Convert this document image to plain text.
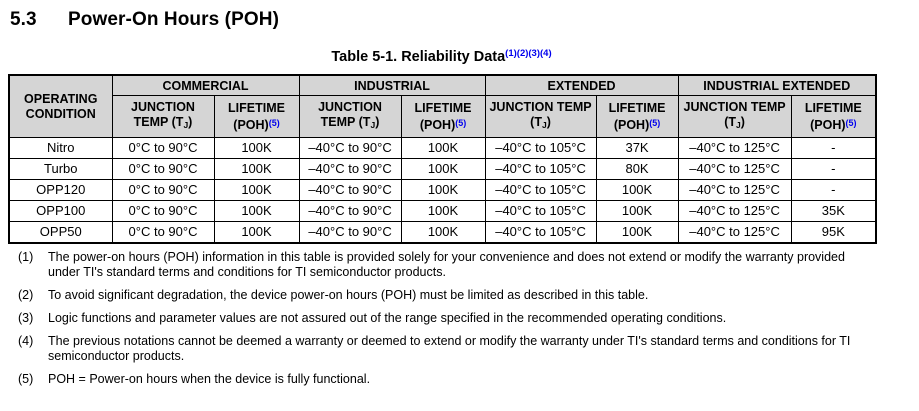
5.3	Power-On Hours (POH)
Table 5-1. Reliability Data$^{(1)(2)(3)(4)}$
OPERATING CONDITION	COMMERCIAL		INDUSTRIAL		EXTENDED		INDUSTRIAL EXTENDED	
	JUNCTION TEMP $(T_J)$	LIFETIME (POH)$^{(5)}$	JUNCTION TEMP $(T_J)$	LIFETIME (POH)$^{(5)}$	JUNCTION TEMP $(T_J)$	LIFETIME (POH)$^{(5)}$	JUNCTION TEMP $(T_J)$	LIFETIME (POH)$^{(5)}$
Nitro	0°C to 90°C	100K	–40°C to 90°C	100K	–40°C to 105°C	37K	–40°C to 125°C	-
Turbo	0°C to 90°C	100K	–40°C to 90°C	100K	–40°C to 105°C	80K	–40°C to 125°C	-
OPP120	0°C to 90°C	100K	–40°C to 90°C	100K	–40°C to 105°C	100K	–40°C to 125°C	-
OPP100	0°C to 90°C	100K	–40°C to 90°C	100K	–40°C to 105°C	100K	–40°C to 125°C	35K
OPP50	0°C to 90°C	100K	–40°C to 90°C	100K	–40°C to 105°C	100K	–40°C to 125°C	95K
(1)	The power-on hours (POH) information in this table is provided solely for your convenience and does not extend or modify the warranty provided under TI's standard terms and conditions for TI semiconductor products.
(2)	To avoid significant degradation, the device power-on hours (POH) must be limited as described in this table.
(3)	Logic functions and parameter values are not assured out of the range specified in the recommended operating conditions.
(4)	The previous notations cannot be deemed a warranty or deemed to extend or modify the warranty under TI's standard terms and conditions for TI semiconductor products.
(5)	POH = Power-on hours when the device is fully functional.
